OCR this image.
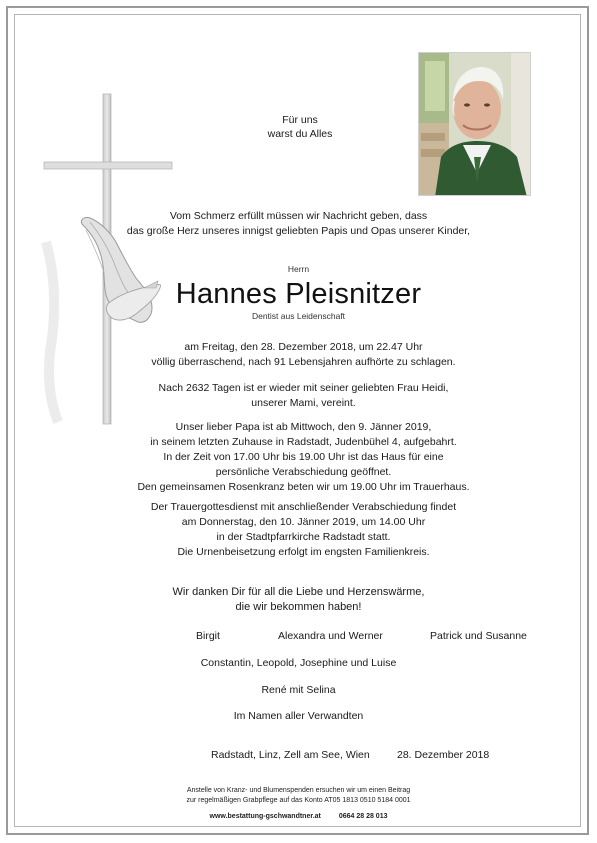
Für uns
warst du Alles
Vom Schmerz erfüllt müssen wir Nachricht geben, dass
das große Herz unseres innigst geliebten Papis und Opas unserer Kinder,
Herrn
Hannes Pleisnitzer
Dentist aus Leidenschaft
am Freitag, den 28. Dezember 2018, um 22.47 Uhr
völlig überraschend, nach 91 Lebensjahren aufhörte zu schlagen.
Nach 2632 Tagen ist er wieder mit seiner geliebten Frau Heidi,
unserer Mami, vereint.
Unser lieber Papa ist ab Mittwoch, den 9. Jänner 2019,
in seinem letzten Zuhause in Radstadt, Judenbühel 4, aufgebahrt.
In der Zeit von 17.00 Uhr bis 19.00 Uhr ist das Haus für eine
persönliche Verabschiedung geöffnet.
Den gemeinsamen Rosenkranz beten wir um 19.00 Uhr im Trauerhaus.
Der Trauergottesdienst mit anschließender Verabschiedung findet
am Donnerstag, den 10. Jänner 2019, um 14.00 Uhr
in der Stadtpfarrkirche Radstadt statt.
Die Urnenbeisetzung erfolgt im engsten Familienkreis.
Wir danken Dir für all die Liebe und Herzenswärme,
die wir bekommen haben!
Birgit	Alexandra und Werner	Patrick und Susanne
Constantin, Leopold, Josephine und Luise
René mit Selina
Im Namen aller Verwandten
Radstadt, Linz, Zell am See, Wien	28. Dezember 2018
Anstelle von Kranz- und Blumenspenden ersuchen wir um einen Beitrag
zur regelmäßigen Grabpflege auf das Konto AT05 1813 0510 5184 0001
www.bestattung-gschwandtner.at	0664 28 28 013
